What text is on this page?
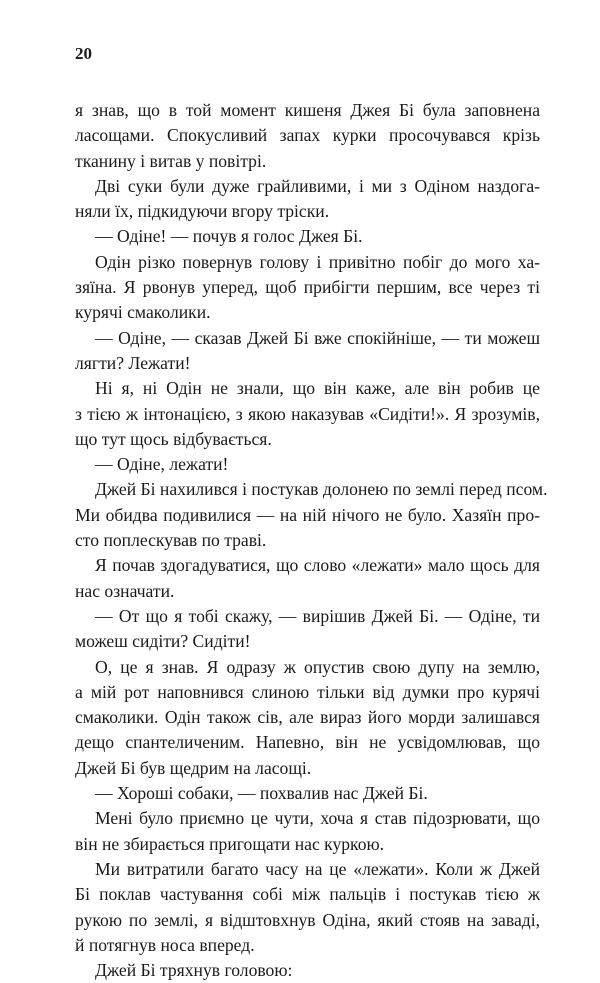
20
я знав, що в той момент кишеня Джея Бі була заповнена
ласощами. Спокусливий запах курки просочувався крізь
тканину і витав у повітрі.
Дві суки були дуже грайливими, і ми з Одіном наздога-
няли їх, підкидуючи вгору тріски.
— Одіне! — почув я голос Джея Бі.
Одін різко повернув голову і привітно побіг до мого ха-
зяїна. Я рвонув уперед, щоб прибігти першим, все через ті
курячі смаколики.
— Одіне, — сказав Джей Бі вже спокійніше, — ти можеш
лягти? Лежати!
Ні я, ні Одін не знали, що він каже, але він робив це
з тією ж інтонацією, з якою наказував «Сидіти!». Я зрозумів,
що тут щось відбувається.
— Одіне, лежати!
Джей Бі нахилився і постукав долонею по землі перед псом.
Ми обидва подивилися — на ній нічого не було. Хазяїн про-
сто поплескував по траві.
Я почав здогадуватися, що слово «лежати» мало щось для
нас означати.
— От що я тобі скажу, — вирішив Джей Бі. — Одіне, ти
можеш сидіти? Сидіти!
О, це я знав. Я одразу ж опустив свою дупу на землю,
а мій рот наповнився слиною тільки від думки про курячі
смаколики. Одін також сів, але вираз його морди залишався
дещо спантеличеним. Напевно, він не усвідомлював, що
Джей Бі був щедрим на ласощі.
— Хороші собаки, — похвалив нас Джей Бі.
Мені було приємно це чути, хоча я став підозрювати, що
він не збирається пригощати нас куркою.
Ми витратили багато часу на це «лежати». Коли ж Джей
Бі поклав частування собі між пальців і постукав тією ж
рукою по землі, я відштовхнув Одіна, який стояв на заваді,
й потягнув носа вперед.
Джей Бі тряхнув головою:
